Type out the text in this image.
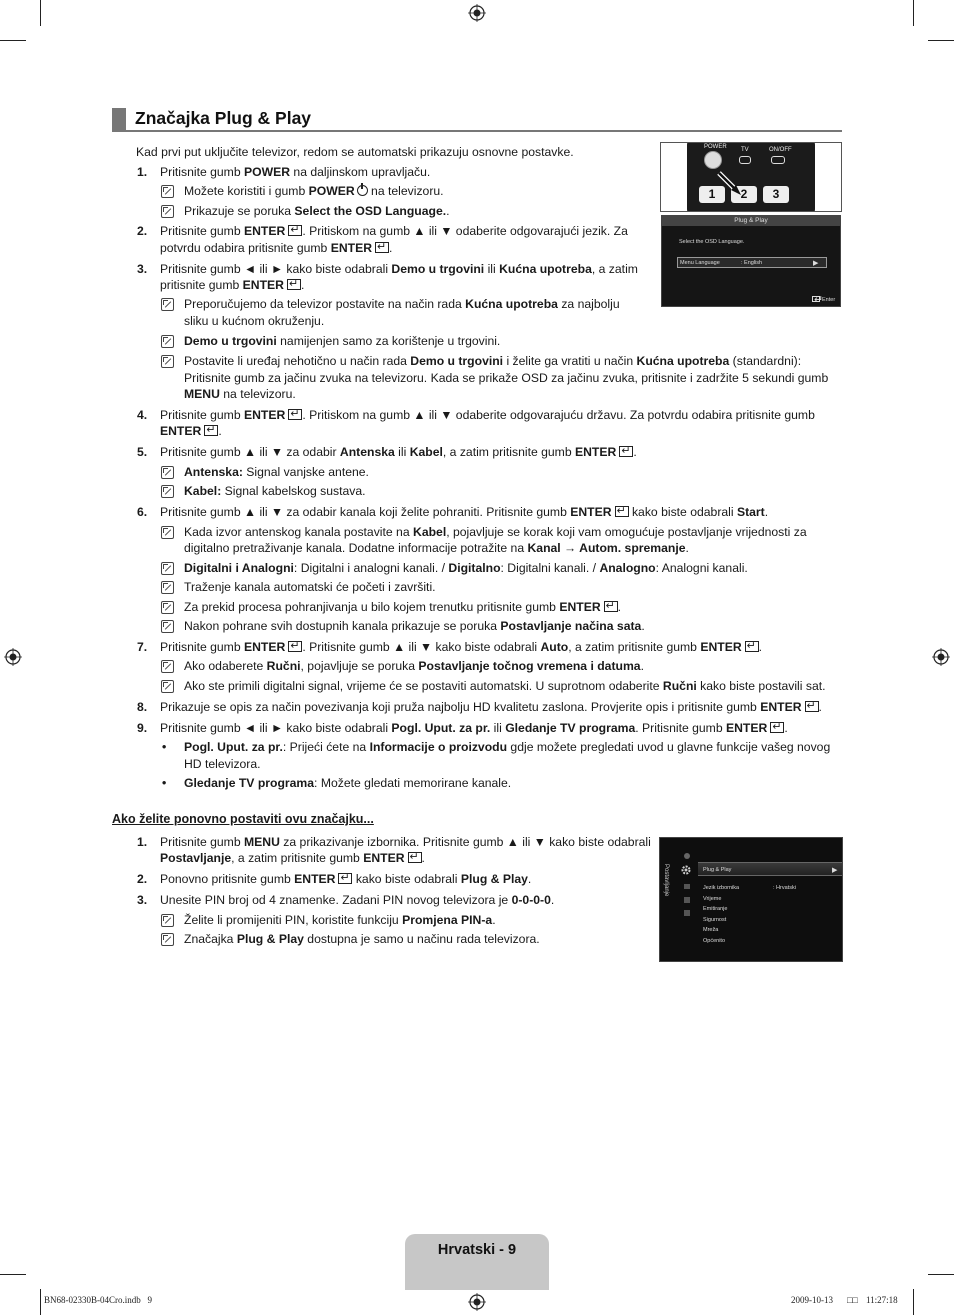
Značajka Plug & Play
Kad prvi put uključite televizor, redom se automatski prikazuju osnovne postavke.
1. Pritisnite gumb POWER na daljinskom upravljaču.
Možete koristiti i gumb POWER na televizoru.
Prikazuje se poruka Select the OSD Language..
2. Pritisnite gumb ENTER ↵ . Pritiskom na gumb ▲ ili ▼ odaberite odgovarajući jezik. Za
potvrdu odabira pritisnite gumb ENTER ↵ .
3. Pritisnite gumb ◄ ili ► kako biste odabrali Demo u trgovini ili Kućna upotreba, a zatim
pritisnite gumb ENTER ↵ .
Preporučujemo da televizor postavite na način rada Kućna upotreba za najbolju
sliku u kućnom okruženju.
Demo u trgovini namijenjen samo za korištenje u trgovini.
Postavite li uređaj nehotično u način rada Demo u trgovini i želite ga vratiti u način Kućna upotreba (standardni):
Pritisnite gumb za jačinu zvuka na televizoru. Kada se prikaže OSD za jačinu zvuka, pritisnite i zadržite 5 sekundi gumb
MENU na televizoru.
4. Pritisnite gumb ENTER ↵ . Pritiskom na gumb ▲ ili ▼ odaberite odgovarajuću državu. Za potvrdu odabira pritisnite gumb
ENTER ↵ .
5. Pritisnite gumb ▲ ili ▼ za odabir Antenska ili Kabel, a zatim pritisnite gumb ENTER ↵ .
Antenska: Signal vanjske antene.
Kabel: Signal kabelskog sustava.
6. Pritisnite gumb ▲ ili ▼ za odabir kanala koji želite pohraniti. Pritisnite gumb ENTER↵ kako biste odabrali Start.
Kada izvor antenskog kanala postavite na Kabel, pojavljuje se korak koji vam omogućuje postavljanje vrijednosti za
digitalno pretraživanje kanala. Dodatne informacije potražite na Kanal → Autom. spremanje.
Digitalni i Analogni: Digitalni i analogni kanali. / Digitalno: Digitalni kanali. / Analogno: Analogni kanali.
Traženje kanala automatski će početi i završiti.
Za prekid procesa pohranjivanja u bilo kojem trenutku pritisnite gumb ENTER ↵ .
Nakon pohrane svih dostupnih kanala prikazuje se poruka Postavljanje načina sata.
7. Pritisnite gumb ENTER ↵ . Pritisnite gumb ▲ ili ▼ kako biste odabrali Auto, a zatim pritisnite gumb ENTER ↵ .
Ako odaberete Ručni, pojavljuje se poruka Postavljanje točnog vremena i datuma.
Ako ste primili digitalni signal, vrijeme će se postaviti automatski. U suprotnom odaberite Ručni kako biste postavili sat.
8. Prikazuje se opis za način povezivanja koji pruža najbolju HD kvalitetu zaslona. Provjerite opis i pritisnite gumb ENTER ↵ .
9. Pritisnite gumb ◄ ili ► kako biste odabrali Pogl. Uput. za pr. ili Gledanje TV programa. Pritisnite gumb ENTER ↵ .
• Pogl. Uput. za pr.: Prijeći ćete na Informacije o proizvodu gdje možete pregledati uvod u glavne funkcije vašeg novog
HD televizora.
• Gledanje TV programa: Možete gledati memorirane kanale.
Ako želite ponovno postaviti ovu značajku...
1. Pritisnite gumb MENU za prikazivanje izbornika. Pritisnite gumb ▲ ili ▼ kako biste odabrali
Postavljanje, a zatim pritisnite gumb ENTER ↵ .
2. Ponovno pritisnite gumb ENTER↵ kako biste odabrali Plug & Play.
3. Unesite PIN broj od 4 znamenke. Zadani PIN novog televizora je 0-0-0-0.
Želite li promijeniti PIN, koristite funkciju Promjena PIN-a.
Značajka Plug & Play dostupna je samo u načinu rada televizora.
POWER TV	ON/OFF
1	2	3
Plug & Play
Select the OSD Language.
Menu Language	: English	▶
↵Enter
Postavljanje	Plug & Play	▶
Jezik izbornika	: Hrvatski
Vrijeme
Emitiranje
Sigurnost
Mreža
Općenito
Hrvatski - 9
BN68-02330B-04Cro.indb   9	2009-10-13 □□ 11:27:18
